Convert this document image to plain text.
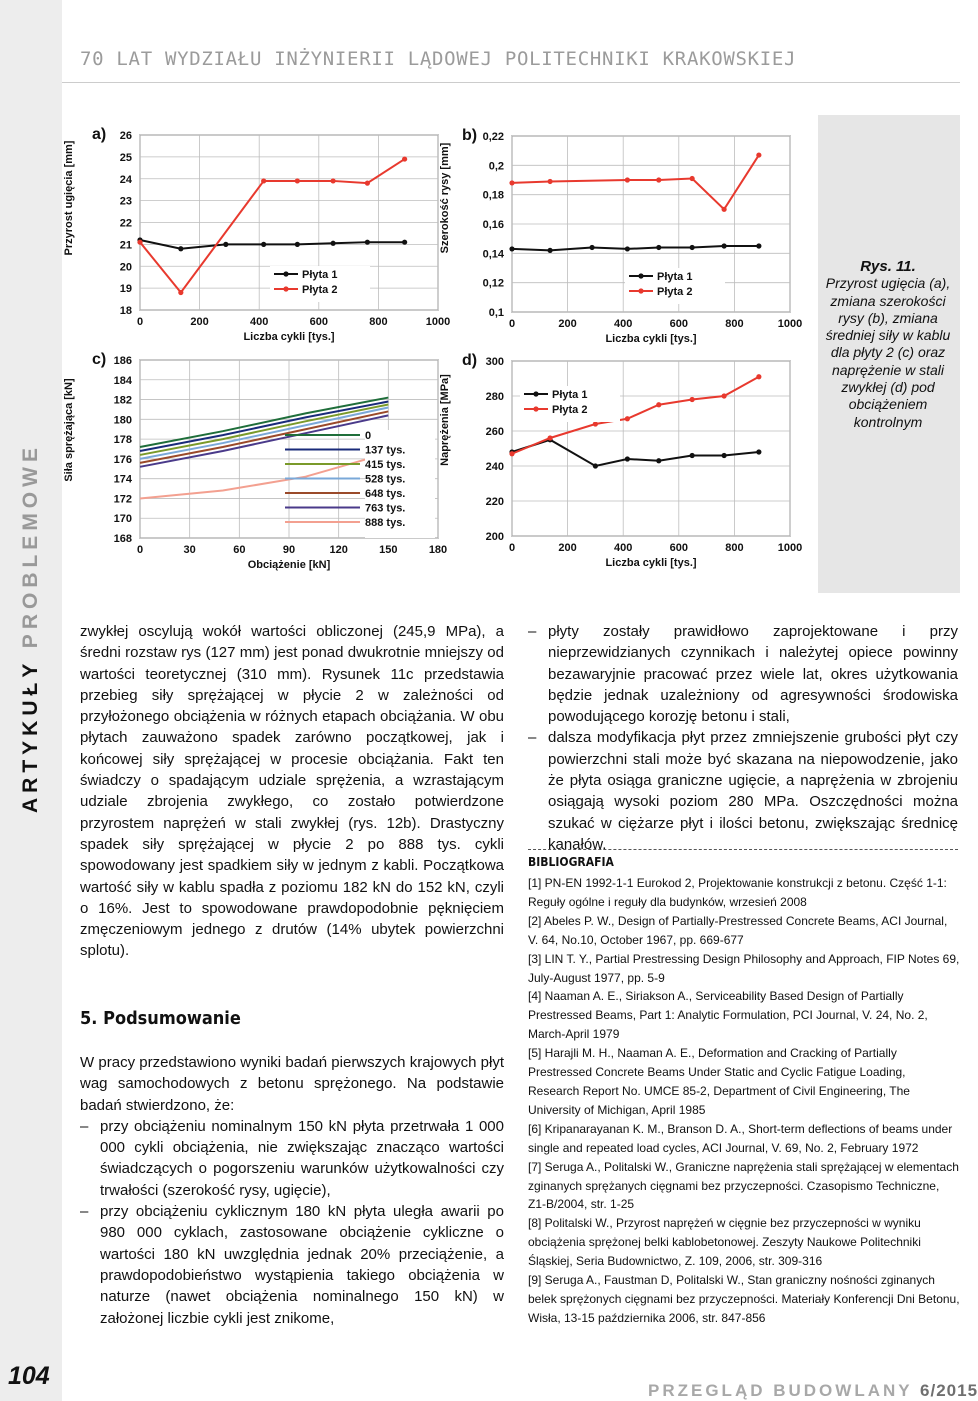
ARTYKUŁY PROBLEMOWE
104
70 LAT WYDZIAŁU INŻYNIERII LĄDOWEJ POLITECHNIKI KRAKOWSKIEJ
Rys. 11.
Przyrost ugięcia (a), zmiana szerokości rysy (b), zmiana średniej siły w kablu dla płyty 2 (c) oraz naprężenie w stali zwykłej (d) pod obciążeniem kontrolnym
18
19
20
21
22
23
24
25
26
0	200	400	600	800	1000
Liczba cykli [tys.]
Przyrost ugięcia [mm]
a)
Płyta 1
Płyta 2
0,1
0,12
0,14
0,16
0,18
0,2
0,22
0	200	400	600	800	1000
Liczba cykli [tys.]
Szerokość rysy [mm]
b)
Płyta 1
Płyta 2
168
170
172
174
176
178
180
182
184
186
0	30	60	90	120	150	180
Obciążenie [kN]
Siła sprężająca [kN]
c)
0
137 tys.
415 tys.
528 tys.
648 tys.
763 tys.
888 tys.
200
220
240
260
280
300
0	200	400	600	800	1000
Liczba cykli [tys.]
Naprężenia [MPa]
d)
Płyta 1
Płyta 2

zwykłej oscylują wokół wartości obliczonej (245,9 MPa), a średni rozstaw rys (127 mm) jest ponad dwukrotnie mniejszy od wartości teoretycznej (310 mm). Rysunek 11c przedstawia przebieg siły sprężającej w płycie 2 w zależności od przyłożonego obciążenia w różnych etapach obciążania. W obu płytach zauważono spadek zarówno początkowej, jak i końcowej siły sprężającej w procesie obciążania. Fakt ten świadczy o spadającym udziale sprężenia, a wzrastającym udziale zbrojenia zwykłego, co zostało potwierdzone przyrostem naprężeń w stali zwykłej (rys. 12b). Drastyczny spadek siły sprężającej w płycie 2 po 888 tys. cykli spowodowany jest spadkiem siły w jednym z kabli. Początkowa wartość siły w kablu spadła z poziomu 182 kN do 152 kN, czyli o 16%. Jest to spowodowane prawdopodobnie pęknięciem zmęczeniowym jednego z drutów (14% ubytek powierzchni splotu).

5. Podsumowanie

W pracy przedstawiono wyniki badań pierwszych krajowych płyt wag samochodowych z betonu sprężonego. Na podstawie badań stwierdzono, że:

– przy obciążeniu nominalnym 150 kN płyta przetrwała 1 000 000 cykli obciążenia, nie zwiększając znacząco wartości świadczących o pogorszeniu warunków użytkowalności czy trwałości (szerokość rysy, ugięcie),
– przy obciążeniu cyklicznym 180 kN płyta uległa awarii po 980 000 cyklach, zastosowane obciążenie cykliczne o wartości 180 kN uwzględnia jednak 20% przeciążenie, a prawdopodobieństwo wystąpienia takiego obciążenia w naturze (nawet obciążenia nominalnego 150 kN) w założonej liczbie cykli jest znikome,
– płyty zostały prawidłowo zaprojektowane i przy nieprzewidzianych czynnikach i należytej opiece powinny bezawaryjnie pracować przez wiele lat, okres użytkowania będzie jednak uzależniony od agresywności środowiska powodującego korozję betonu i stali,
– dalsza modyfikacja płyt przez zmniejszenie grubości płyt czy powierzchni stali może być skazana na niepowodzenie, jako że płyta osiąga graniczne ugięcie, a naprężenia w zbrojeniu osiągają wysoki poziom 280 MPa. Oszczędności można szukać w ciężarze płyt i ilości betonu, zwiększając średnicę kanałów.
BIBLIOGRAFIA

[1] PN-EN 1992-1-1 Eurokod 2, Projektowanie konstrukcji z betonu. Część 1-1: Reguły ogólne i reguły dla budynków, wrzesień 2008

[2] Abeles P. W., Design of Partially-Prestressed Concrete Beams, ACI Journal, V. 64, No.10, October 1967, pp. 669-677

[3] LIN T. Y., Partial Prestressing Design Philosophy and Approach, FIP Notes 69, July-August 1977, pp. 5-9

[4] Naaman A. E., Siriakson A., Serviceability Based Design of Partially Prestressed Beams, Part 1: Analytic Formulation, PCI Journal, V. 24, No. 2, March-April 1979

[5] Harajli M. H., Naaman A. E., Deformation and Cracking of Partially Prestressed Concrete Beams Under Static and Cyclic Fatigue Loading, Research Report No. UMCE 85-2, Department of Civil Engineering, The University of Michigan, April 1985

[6] Kripanarayanan K. M., Branson D. A., Short-term deflections of beams under single and repeated load cycles, ACI Journal, V. 69, No. 2, February 1972

[7] Seruga A., Politalski W., Graniczne naprężenia stali sprężającej w elementach zginanych sprężanych cięgnami bez przyczepności. Czasopismo Techniczne, Z1-B/2004, str. 1-25

[8] Politalski W., Przyrost naprężeń w cięgnie bez przyczepności w wyniku obciążenia sprężonej belki kablobetonowej. Zeszyty Naukowe Politechniki Śląskiej, Seria Budownictwo, Z. 109, 2006, str. 309-316

[9] Seruga A., Faustman D, Politalski W., Stan graniczny nośności zginanych belek sprężonych cięgnami bez przyczepności. Materiały Konferencji Dni Betonu, Wisła, 13-15 października 2006, str. 847-856

PRZEGLĄD BUDOWLANY 6/2015
